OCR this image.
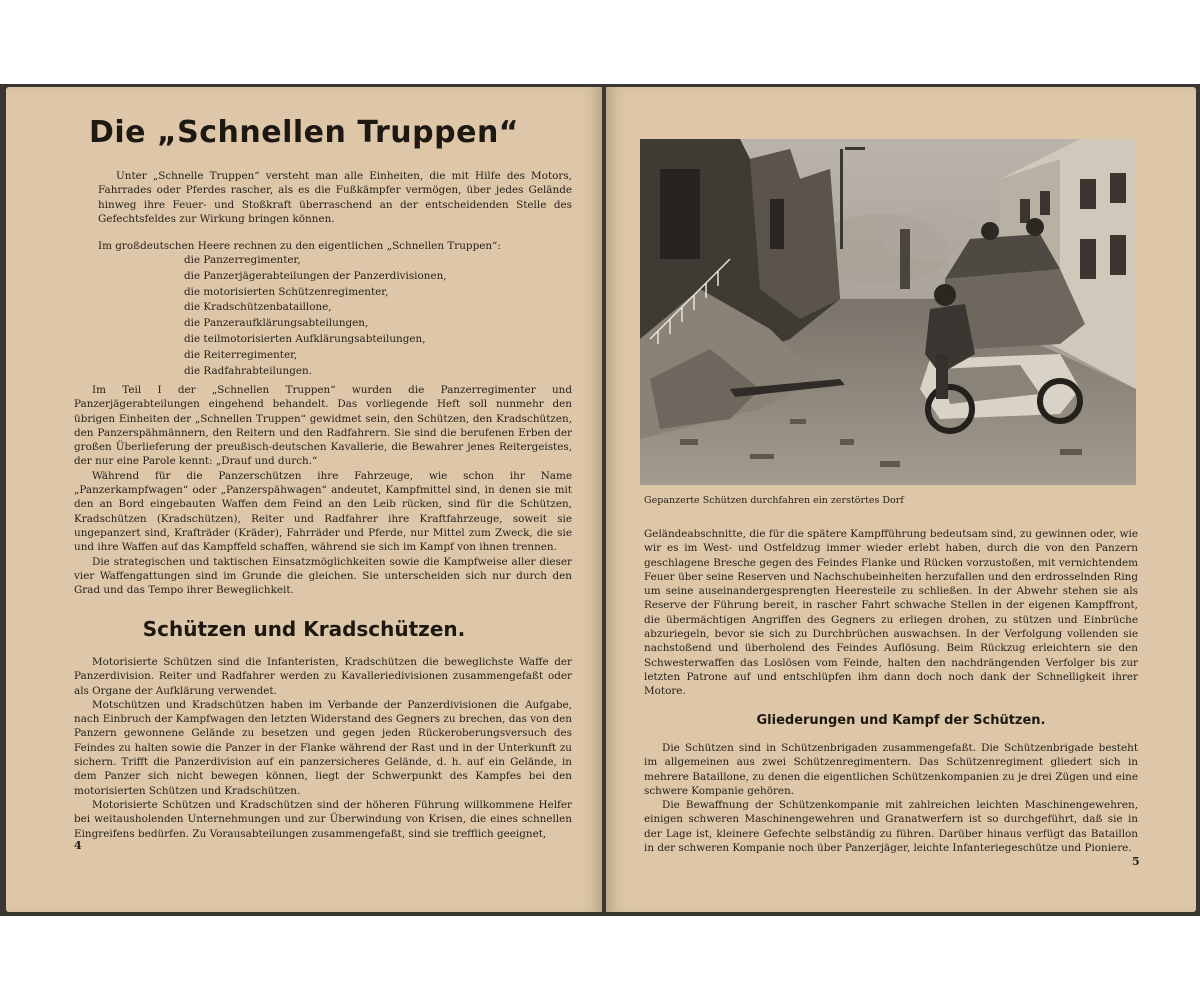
Die „Schnellen Truppen“

Unter „Schnelle Truppen“ versteht man alle Einheiten, die mit Hilfe des Motors, Fahrrades oder Pferdes rascher, als es die Fußkämpfer vermögen, über jedes Gelände hinweg ihre Feuer- und Stoßkraft überraschend an der entscheidenden Stelle des Gefechtsfeldes zur Wirkung bringen können.

Im großdeutschen Heere rechnen zu den eigentlichen „Schnellen Truppen“:

die Panzerregimenter,
die Panzerjägerabteilungen der Panzerdivisionen,
die motorisierten Schützenregimenter,
die Kradschützenbataillone,
die Panzeraufklärungsabteilungen,
die teilmotorisierten Aufklärungsabteilungen,
die Reiterregimenter,
die Radfahrabteilungen.

Im Teil I der „Schnellen Truppen“ wurden die Panzerregimenter und Panzerjägerabteilungen eingehend behandelt. Das vorliegende Heft soll nunmehr den übrigen Einheiten der „Schnellen Truppen“ gewidmet sein, den Schützen, den Kradschützen, den Panzerspähmännern, den Reitern und den Radfahrern. Sie sind die berufenen Erben der großen Überlieferung der preußisch-deutschen Kavallerie, die Bewahrer jenes Reitergeistes, der nur eine Parole kennt: „Drauf und durch.“

Während für die Panzerschützen ihre Fahrzeuge, wie schon ihr Name „Panzerkampfwagen“ oder „Panzerspähwagen“ andeutet, Kampfmittel sind, in denen sie mit den an Bord eingebauten Waffen dem Feind an den Leib rücken, sind für die Schützen, Kradschützen (Kradschützen), Reiter und Radfahrer ihre Kraftfahrzeuge, soweit sie ungepanzert sind, Krafträder (Kräder), Fahrräder und Pferde, nur Mittel zum Zweck, die sie und ihre Waffen auf das Kampffeld schaffen, während sie sich im Kampf von ihnen trennen.

Die strategischen und taktischen Einsatzmöglichkeiten sowie die Kampfweise aller dieser vier Waffengattungen sind im Grunde die gleichen. Sie unterscheiden sich nur durch den Grad und das Tempo ihrer Beweglichkeit.

Schützen und Kradschützen.

Motorisierte Schützen sind die Infanteristen, Kradschützen die beweglichste Waffe der Panzerdivision. Reiter und Radfahrer werden zu Kavalleriedivisionen zusammengefaßt oder als Organe der Aufklärung verwendet.

Motschützen und Kradschützen haben im Verbande der Panzerdivisionen die Aufgabe, nach Einbruch der Kampfwagen den letzten Widerstand des Gegners zu brechen, das von den Panzern gewonnene Gelände zu besetzen und gegen jeden Rückeroberungsversuch des Feindes zu halten sowie die Panzer in der Flanke während der Rast und in der Unterkunft zu sichern. Trifft die Panzerdivision auf ein panzersicheres Gelände, d. h. auf ein Gelände, in dem Panzer sich nicht bewegen können, liegt der Schwerpunkt des Kampfes bei den motorisierten Schützen und Kradschützen.

Motorisierte Schützen und Kradschützen sind der höheren Führung willkommene Helfer bei weitausholenden Unternehmungen und zur Überwindung von Krisen, die eines schnellen Eingreifens bedürfen. Zu Vorausabteilungen zusammengefaßt, sind sie trefflich geeignet,

4
Gepanzerte Schützen durchfahren ein zerstörtes Dorf

Geländeabschnitte, die für die spätere Kampfführung bedeutsam sind, zu gewinnen oder, wie wir es im West- und Ostfeldzug immer wieder erlebt haben, durch die von den Panzern geschlagene Bresche gegen des Feindes Flanke und Rücken vorzustoßen, mit vernichtendem Feuer über seine Reserven und Nachschubeinheiten herzufallen und den erdrosselnden Ring um seine auseinandergesprengten Heeresteile zu schließen. In der Abwehr stehen sie als Reserve der Führung bereit, in rascher Fahrt schwache Stellen in der eigenen Kampffront, die übermächtigen Angriffen des Gegners zu erliegen drohen, zu stützen und Einbrüche abzuriegeln, bevor sie sich zu Durchbrüchen auswachsen. In der Verfolgung vollenden sie nachstoßend und überholend des Feindes Auflösung. Beim Rückzug erleichtern sie den Schwesterwaffen das Loslösen vom Feinde, halten den nachdrängenden Verfolger bis zur letzten Patrone auf und entschlüpfen ihm dann doch noch dank der Schnelligkeit ihrer Motore.

Gliederungen und Kampf der Schützen.

Die Schützen sind in Schützenbrigaden zusammengefaßt. Die Schützenbrigade besteht im allgemeinen aus zwei Schützenregimentern. Das Schützenregiment gliedert sich in mehrere Bataillone, zu denen die eigentlichen Schützenkompanien zu je drei Zügen und eine schwere Kompanie gehören.

Die Bewaffnung der Schützenkompanie mit zahlreichen leichten Maschinengewehren, einigen schweren Maschinengewehren und Granatwerfern ist so durchgeführt, daß sie in der Lage ist, kleinere Gefechte selbständig zu führen. Darüber hinaus verfügt das Bataillon in der schweren Kompanie noch über Panzerjäger, leichte Infanteriegeschütze und Pioniere.

5
